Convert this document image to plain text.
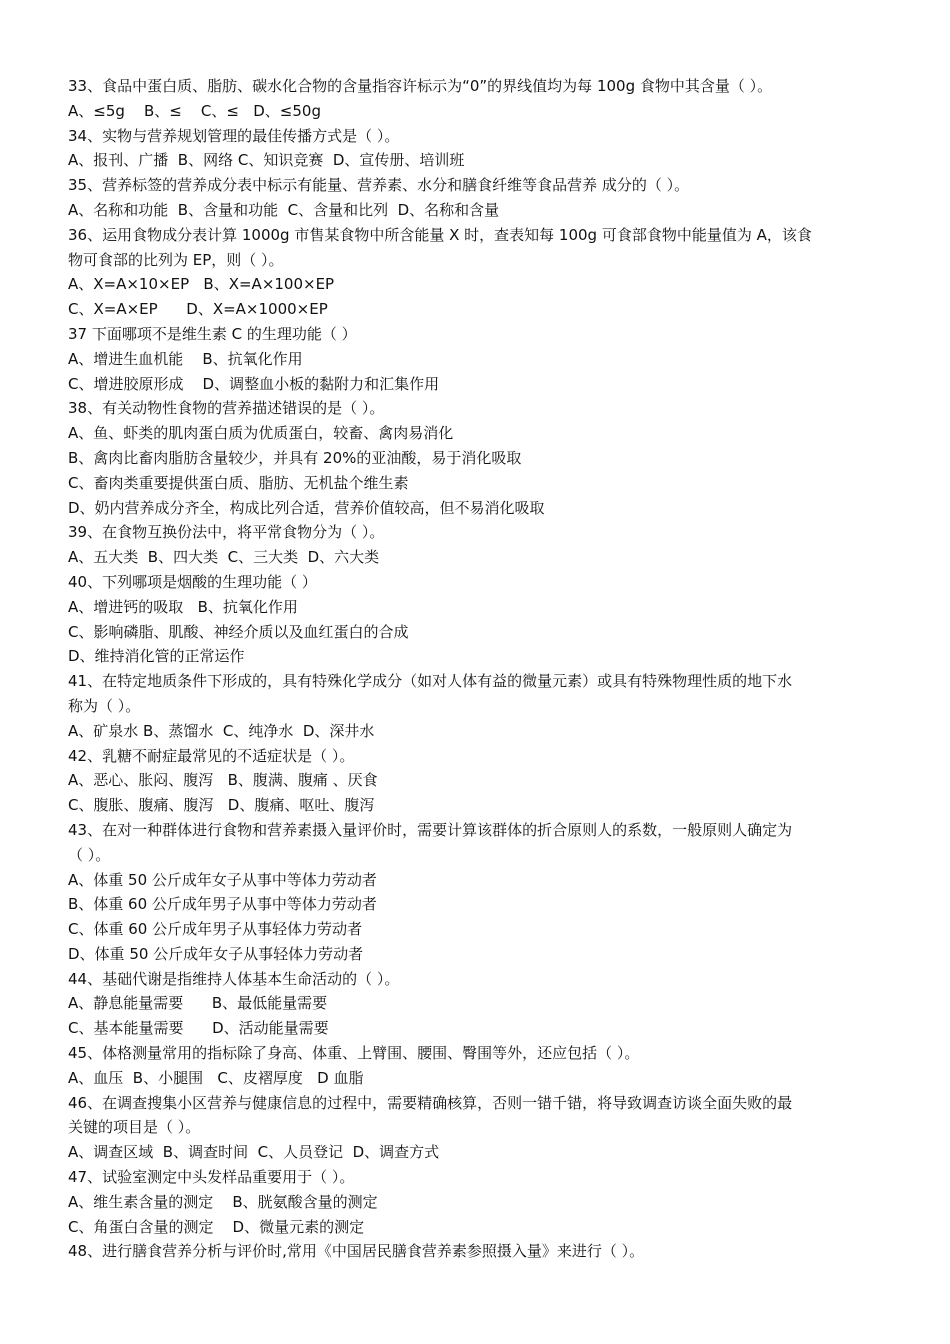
33、食品中蛋白质、脂肪、碳水化合物的含量指容许标示为“0”的界线值均为每 100g 食物中其含量（ ）。
A、≤5g    B、≤    C、≤   D、≤50g
34、实物与营养规划管理的最佳传播方式是（ ）。
A、报刊、广播  B、网络 C、知识竞赛  D、宣传册、培训班
35、营养标签的营养成分表中标示有能量、营养素、水分和膳食纤维等食品营养 成分的（ ）。
A、名称和功能  B、含量和功能  C、含量和比列  D、名称和含量
36、运用食物成分表计算 1000g 市售某食物中所含能量 X 时，查表知每 100g 可食部食物中能量值为 A，该食
物可食部的比列为 EP，则（ ）。
A、X=A×10×EP   B、X=A×100×EP
C、X=A×EP      D、X=A×1000×EP
37 下面哪项不是维生素 C 的生理功能（ ）
A、增进生血机能    B、抗氧化作用
C、增进胶原形成    D、调整血小板的黏附力和汇集作用
38、有关动物性食物的营养描述错误的是（ ）。
A、鱼、虾类的肌肉蛋白质为优质蛋白，较畜、禽肉易消化
B、禽肉比畜肉脂肪含量较少，并具有 20%的亚油酸，易于消化吸取
C、畜肉类重要提供蛋白质、脂肪、无机盐个维生素
D、奶内营养成分齐全，构成比列合适，营养价值较高，但不易消化吸取
39、在食物互换份法中，将平常食物分为（ ）。
A、五大类  B、四大类  C、三大类  D、六大类
40、下列哪项是烟酸的生理功能（ ）
A、增进钙的吸取   B、抗氧化作用
C、影响磷脂、肌酸、神经介质以及血红蛋白的合成
D、维持消化管的正常运作
41、在特定地质条件下形成的，具有特殊化学成分（如对人体有益的微量元素）或具有特殊物理性质的地下水
称为（ ）。
A、矿泉水 B、蒸馏水  C、纯净水  D、深井水
42、乳糖不耐症最常见的不适症状是（ ）。
A、恶心、胀闷、腹泻   B、腹满、腹痛 、厌食
C、腹胀、腹痛、腹泻   D、腹痛、呕吐、腹泻
43、在对一种群体进行食物和营养素摄入量评价时，需要计算该群体的折合原则人的系数，一般原则人确定为
（ ）。
A、体重 50 公斤成年女子从事中等体力劳动者
B、体重 60 公斤成年男子从事中等体力劳动者
C、体重 60 公斤成年男子从事轻体力劳动者
D、体重 50 公斤成年女子从事轻体力劳动者
44、基础代谢是指维持人体基本生命活动的（ ）。
A、静息能量需要      B、最低能量需要
C、基本能量需要      D、活动能量需要
45、体格测量常用的指标除了身高、体重、上臂围、腰围、臀围等外，还应包括（ ）。
A、血压  B、小腿围   C、皮褶厚度   D 血脂
46、在调查搜集小区营养与健康信息的过程中，需要精确核算，否则一错千错，将导致调查访谈全面失败的最
关键的项目是（ ）。
A、调查区域  B、调查时间  C、人员登记  D、调查方式
47、试验室测定中头发样品重要用于（ ）。
A、维生素含量的测定    B、胱氨酸含量的测定
C、角蛋白含量的测定    D、微量元素的测定
48、进行膳食营养分析与评价时,常用《中国居民膳食营养素参照摄入量》来进行（ ）。
